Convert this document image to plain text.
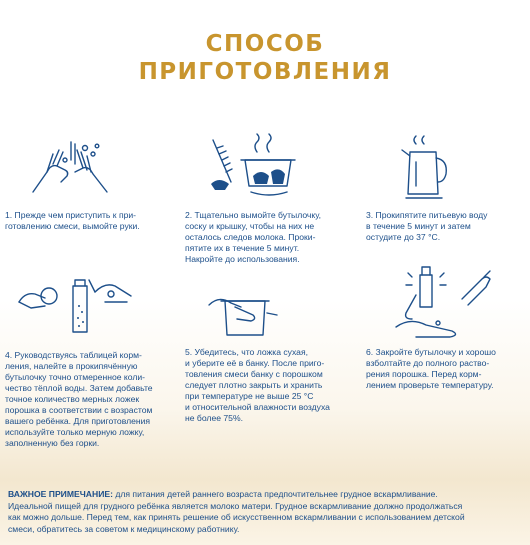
СПОСОБ
ПРИГОТОВЛЕНИЯ

1. Прежде чем приступить к при-
готовлению смеси, вымойте руки.

2. Тщательно вымойте бутылочку,
соску и крышку, чтобы на них не
осталось следов молока. Проки-
пятите их в течение 5 минут.
Накройте до использования.

3. Прокипятите питьевую воду
в течение 5 минут и затем
остудите до 37 °С.

4. Руководствуясь таблицей корм-
ления, налейте в прокипячённую
бутылочку точно отмеренное коли-
чество тёплой воды. Затем добавьте
точное количество мерных ложек
порошка в соответствии с возрастом
вашего ребёнка. Для приготовления
используйте только мерную ложку,
заполненную без горки.

5. Убедитесь, что ложка сухая,
и уберите её в банку. После приго-
товления смеси банку с порошком
следует плотно закрыть и хранить
при температуре не выше 25 °С
и относительной влажности воздуха
не более 75%.

6. Закройте бутылочку и хорошо
взболтайте до полного раство-
рения порошка. Перед корм-
лением проверьте температуру.

ВАЖНОЕ ПРИМЕЧАНИЕ: для питания детей раннего возраста предпочтительнее грудное вскармливание.
Идеальной пищей для грудного ребёнка является молоко матери. Грудное вскармливание должно продолжаться
как можно дольше. Перед тем, как принять решение об искусственном вскармливании с использованием детской
смеси, обратитесь за советом к медицинскому работнику.
